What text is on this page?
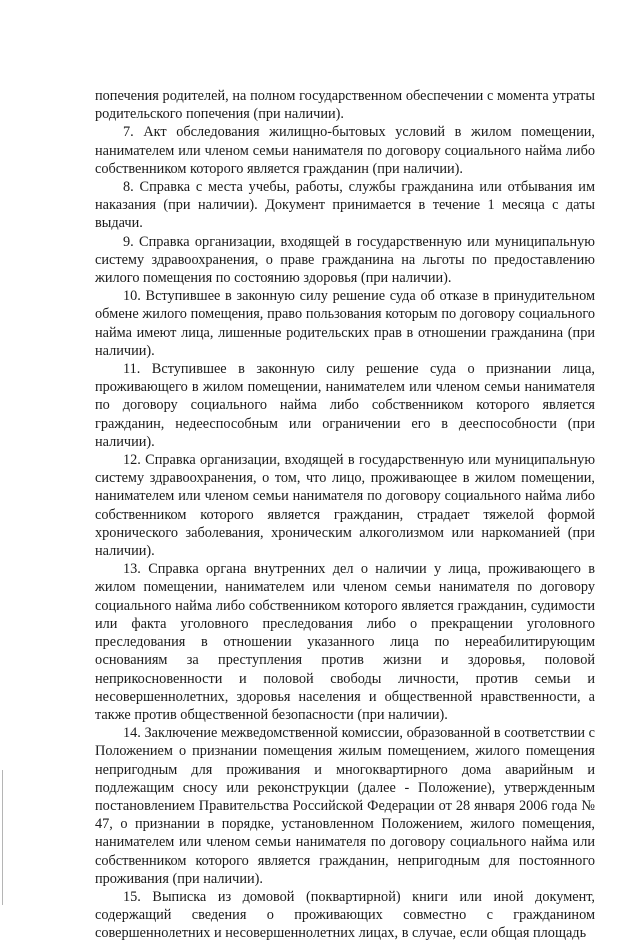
попечения родителей, на полном государственном обеспечении с момента утраты родительского попечения (при наличии).

7. Акт обследования жилищно-бытовых условий в жилом помещении, нанимателем или членом семьи нанимателя по договору социального найма либо собственником которого является гражданин (при наличии).

8. Справка с места учебы, работы, службы гражданина или отбывания им наказания (при наличии). Документ принимается в течение 1 месяца с даты выдачи.

9. Справка организации, входящей в государственную или муниципальную систему здравоохранения, о праве гражданина на льготы по предоставлению жилого помещения по состоянию здоровья (при наличии).

10. Вступившее в законную силу решение суда об отказе в принудительном обмене жилого помещения, право пользования которым по договору социального найма имеют лица, лишенные родительских прав в отношении гражданина (при наличии).

11. Вступившее в законную силу решение суда о признании лица, проживающего в жилом помещении, нанимателем или членом семьи нанимателя по договору социального найма либо собственником которого является гражданин, недееспособным или ограничении его в дееспособности (при наличии).

12. Справка организации, входящей в государственную или муниципальную систему здравоохранения, о том, что лицо, проживающее в жилом помещении, нанимателем или членом семьи нанимателя по договору социального найма либо собственником которого является гражданин, страдает тяжелой формой хронического заболевания, хроническим алкоголизмом или наркоманией (при наличии).

13. Справка органа внутренних дел о наличии у лица, проживающего в жилом помещении, нанимателем или членом семьи нанимателя по договору социального найма либо собственником которого является гражданин, судимости или факта уголовного преследования либо о прекращении уголовного преследования в отношении указанного лица по нереабилитирующим основаниям за преступления против жизни и здоровья, половой неприкосновенности и половой свободы личности, против семьи и несовершеннолетних, здоровья населения и общественной нравственности, а также против общественной безопасности (при наличии).

14. Заключение межведомственной комиссии, образованной в соответствии с Положением о признании помещения жилым помещением, жилого помещения непригодным для проживания и многоквартирного дома аварийным и подлежащим сносу или реконструкции (далее - Положение), утвержденным постановлением Правительства Российской Федерации от 28 января 2006 года № 47, о признании в порядке, установленном Положением, жилого помещения, нанимателем или членом семьи нанимателя по договору социального найма или собственником которого является гражданин, непригодным для постоянного проживания (при наличии).

15. Выписка из домовой (поквартирной) книги или иной документ, содержащий сведения о проживающих совместно с гражданином совершеннолетних и несовершеннолетних лицах, в случае, если общая площадь
